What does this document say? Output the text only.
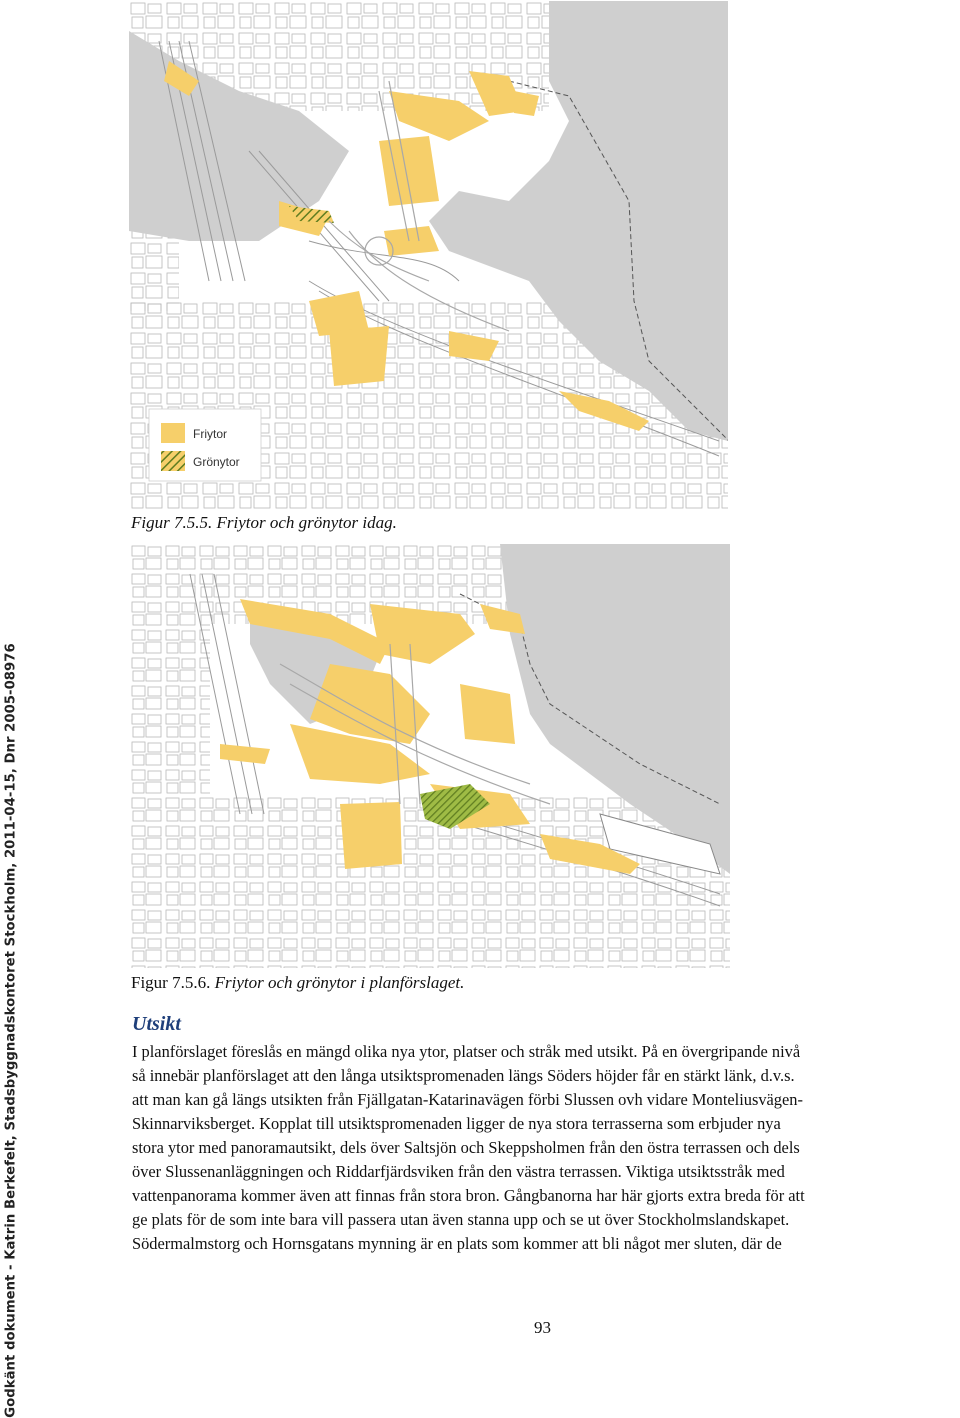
Godkänt dokument - Katrin Berkefelt, Stadsbyggnadskontoret Stockholm, 2011-04-15, Dnr 2005-08976
Friytor
Grönytor
Figur 7.5.5. Friytor och grönytor idag.
Figur 7.5.6. Friytor och grönytor i planförslaget.
Utsikt
I planförslaget föreslås en mängd olika nya ytor, platser och stråk med utsikt. På en övergripande nivå
så innebär planförslaget att den långa utsiktspromenaden längs Söders höjder får en stärkt länk, d.v.s.
att man kan gå längs utsikten från Fjällgatan-Katarinavägen förbi Slussen ovh vidare Monteliusvägen-
Skinnarviksberget. Kopplat till utsiktspromenaden ligger de nya stora terrasserna som erbjuder nya
stora ytor med panoramautsikt, dels över Saltsjön och Skeppsholmen från den östra terrassen och dels
över Slussenanläggningen och Riddarfjärdsviken från den västra terrassen. Viktiga utsiktsstråk med
vattenpanorama kommer även att finnas från stora bron. Gångbanorna har här gjorts extra breda för att
ge plats för de som inte bara vill passera utan även stanna upp och se ut över Stockholmslandskapet.
Södermalmstorg och Hornsgatans mynning är en plats som kommer att bli något mer sluten, där de
93
